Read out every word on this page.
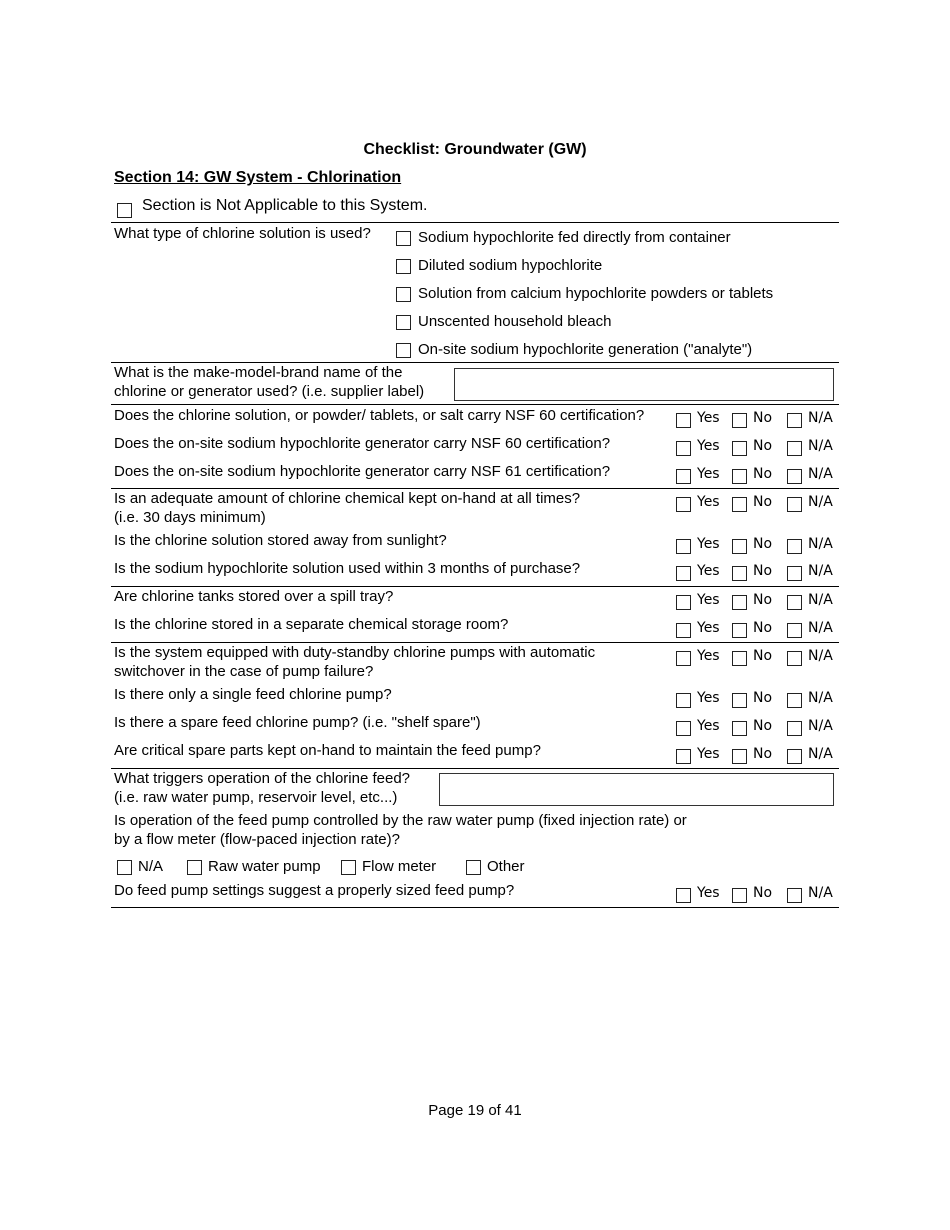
Checklist: Groundwater (GW)
Section 14: GW System - Chlorination
Section is Not Applicable to this System.
What type of chlorine solution is used?	Sodium hypochlorite fed directly from container
Diluted sodium hypochlorite
Solution from calcium hypochlorite powders or tablets
Unscented household bleach
On-site sodium hypochlorite generation ("analyte")
What is the make-model-brand name of the
chlorine or generator used? (i.e. supplier label)
Does the chlorine solution, or powder/ tablets, or salt carry NSF 60 certification?	Yes No	N/A
Does the on-site sodium hypochlorite generator carry NSF 60 certification?	Yes No	N/A
Does the on-site sodium hypochlorite generator carry NSF 61 certification?	Yes No	N/A
Is an adequate amount of chlorine chemical kept on-hand at all times?
(i.e. 30 days minimum)
Yes No	N/A
Is the chlorine solution stored away from sunlight?	Yes No	N/A
Is the sodium hypochlorite solution used within 3 months of purchase?	Yes No	N/A
Are chlorine tanks stored over a spill tray?	Yes No	N/A
Is the chlorine stored in a separate chemical storage room?	Yes No	N/A
Is the system equipped with duty-standby chlorine pumps with automatic
switchover in the case of pump failure?
Yes No	N/A
Is there only a single feed chlorine pump?	Yes No	N/A
Is there a spare feed chlorine pump? (i.e. "shelf spare")	Yes No	N/A
Are critical spare parts kept on-hand to maintain the feed pump?	Yes No	N/A
What triggers operation of the chlorine feed?
(i.e. raw water pump, reservoir level, etc...)
Is operation of the feed pump controlled by the raw water pump (fixed injection rate) or
by a flow meter (flow-paced injection rate)?
N/A	Raw water pump	Flow meter	Other
Do feed pump settings suggest a properly sized feed pump?	Yes No	N/A
Page 19 of 41
